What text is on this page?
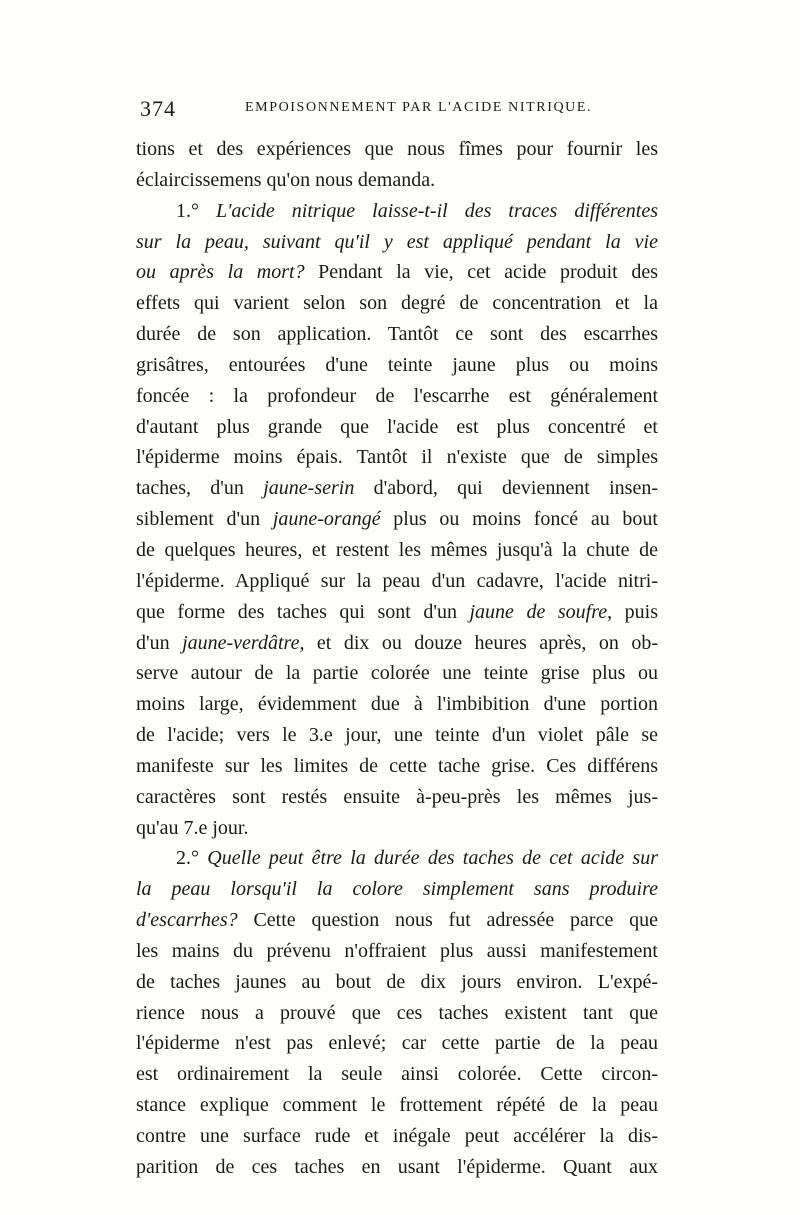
374	EMPOISONNEMENT PAR L'ACIDE NITRIQUE.
tions et des expériences que nous fîmes pour fournir les
éclaircissemens qu'on nous demanda.
1.° L'acide nitrique laisse-t-il des traces différentes
sur la peau, suivant qu'il y est appliqué pendant la vie
ou après la mort? Pendant la vie, cet acide produit des
effets qui varient selon son degré de concentration et la
durée de son application. Tantôt ce sont des escarrhes
grisâtres, entourées d'une teinte jaune plus ou moins
foncée : la profondeur de l'escarrhe est généralement
d'autant plus grande que l'acide est plus concentré et
l'épiderme moins épais. Tantôt il n'existe que de simples
taches, d'un jaune-serin d'abord, qui deviennent insen-
siblement d'un jaune-orangé plus ou moins foncé au bout
de quelques heures, et restent les mêmes jusqu'à la chute de
l'épiderme. Appliqué sur la peau d'un cadavre, l'acide nitri-
que forme des taches qui sont d'un jaune de soufre, puis
d'un jaune-verdâtre, et dix ou douze heures après, on ob-
serve autour de la partie colorée une teinte grise plus ou
moins large, évidemment due à l'imbibition d'une portion
de l'acide; vers le 3.e jour, une teinte d'un violet pâle se
manifeste sur les limites de cette tache grise. Ces différens
caractères sont restés ensuite à-peu-près les mêmes jus-
qu'au 7.e jour.
2.° Quelle peut être la durée des taches de cet acide sur
la peau lorsqu'il la colore simplement sans produire
d'escarrhes? Cette question nous fut adressée parce que
les mains du prévenu n'offraient plus aussi manifestement
de taches jaunes au bout de dix jours environ. L'expé-
rience nous a prouvé que ces taches existent tant que
l'épiderme n'est pas enlevé; car cette partie de la peau
est ordinairement la seule ainsi colorée. Cette circon-
stance explique comment le frottement répété de la peau
contre une surface rude et inégale peut accélérer la dis-
parition de ces taches en usant l'épiderme. Quant aux
